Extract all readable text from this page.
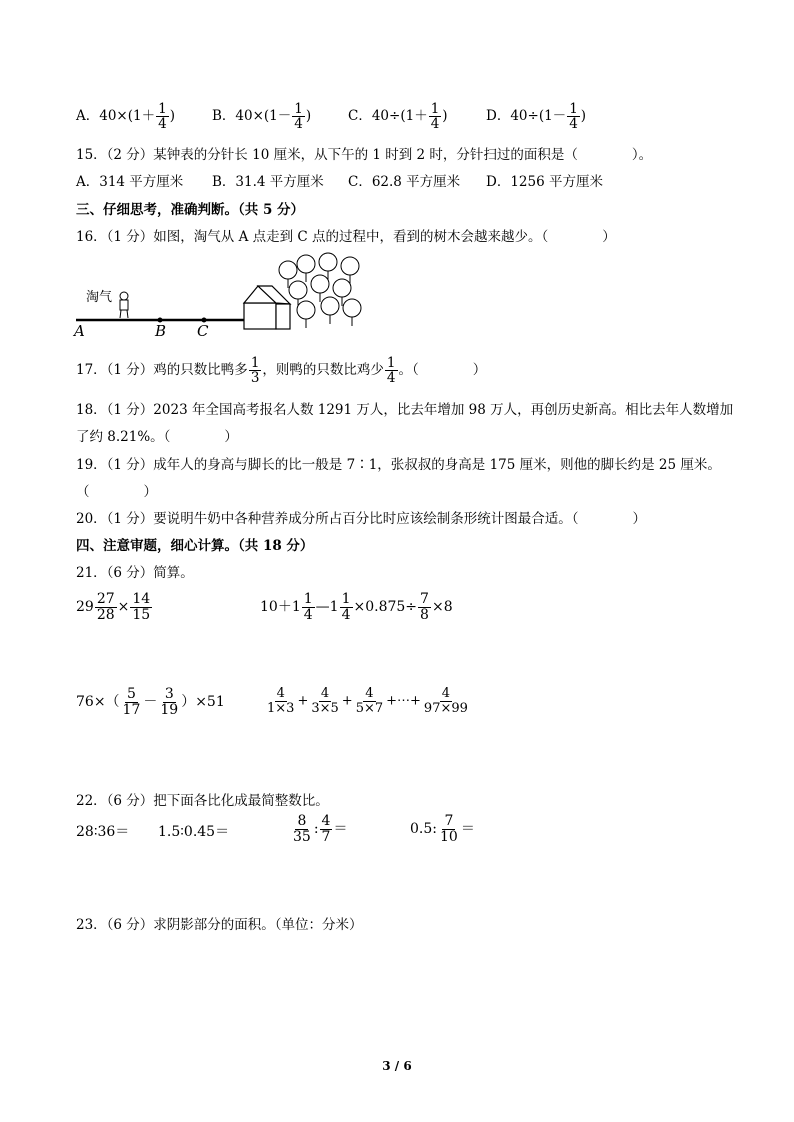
A．$40\times(1+ \frac{1}{4}$ )	B．$40\times(1- \frac{1}{4}$ )	C．$40\div(1+ \frac{1}{4}$ )	D．$40\div(1- \frac{1}{4}$ )
15．（2 分）某钟表的分针长 10 厘米，从下午的 1 时到 2 时，分针扫过的面积是（　　　　）。
A．314 平方厘米 B．31.4 平方厘米 C．62.8 平方厘米 D．1256 平方厘米
三、仔细思考，准确判断。（共 5 分）
16．（1 分）如图，淘气从 A 点走到 C 点的过程中，看到的树木会越来越少。（　　　　）
淘气
A	B C
17．（1 分）鸡的只数比鸭多 $\frac{1}{3}$ ，则鸭的只数比鸡少 $\frac{1}{4}$ 。（　　　　）
18．（1 分）2023 年全国高考报名人数 1291 万人，比去年增加 98 万人，再创历史新高。相比去年人数增加
了约 8.21%。（　　　　）
19．（1 分）成年人的身高与脚长的比一般是 7∶1，张叔叔的身高是 175 厘米，则他的脚长约是 25 厘米。
（　　　　）
20．（1 分）要说明牛奶中各种营养成分所占百分比时应该绘制条形统计图最合适。（　　　　）
四、注意审题，细心计算。（共 18 分）
21．（6 分）简算。
$29 \frac{27}{28} \times \frac{14}{15}$	$10+1 \frac{1}{4}$ —1 $\frac{1}{4} \times 0.875\div \frac{7}{8} \times 8$
$76\times( \frac{5}{17} - \frac{3}{19} )\times 51$	$\frac{4}{1\times 3} + \frac{4}{3\times 5} + \frac{4}{5\times 7}$ +⋯+ $\frac{4}{97\times 99}$
22．（6 分）把下面各比化成最简整数比。
28∶36＝ 1.5∶0.45＝	$\frac{8}{35}$ : $\frac{4}{7}$ ＝	0.5: $\frac{7}{10}$ ＝
23．（6 分）求阴影部分的面积。（单位：分米）
3 / 6
